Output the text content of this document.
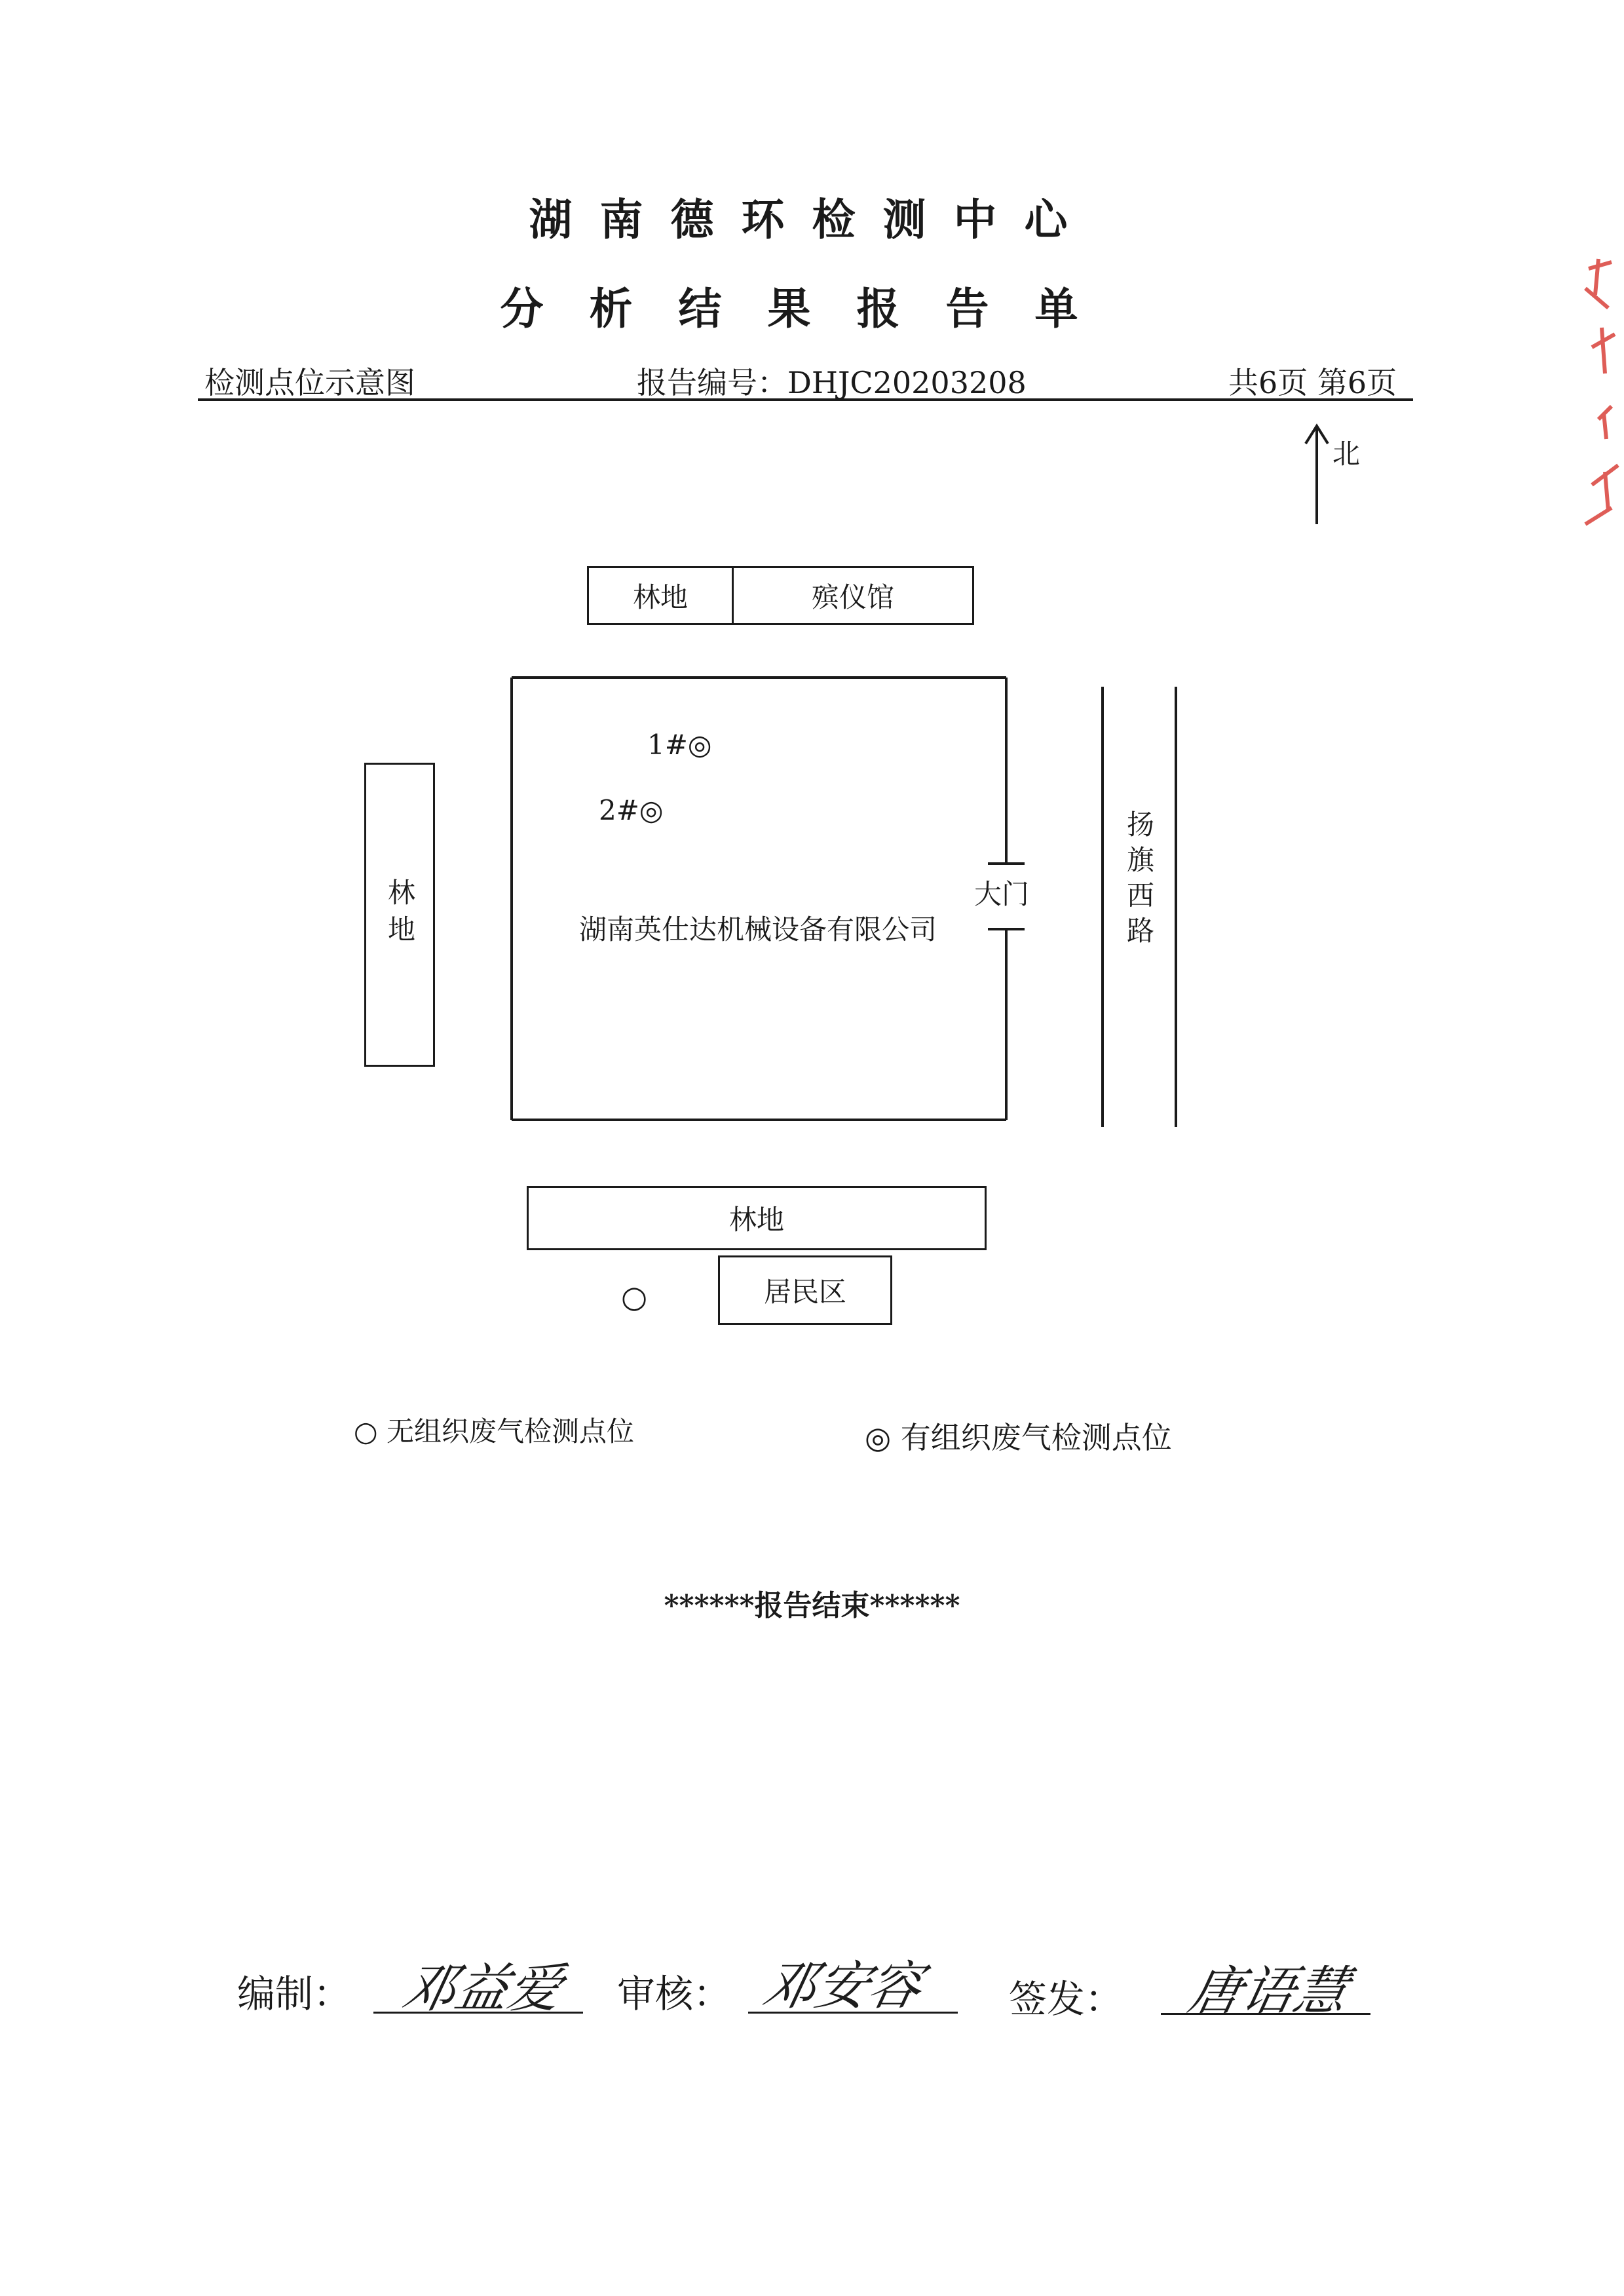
湖南德环检测中心
分析结果报告单
检测点位示意图	报告编号：DHJC20203208	共6页 第6页
林地	殡仪馆
林地
林地
居民区
北
1#◎
2#◎
湖南英仕达机械设备有限公司
大门	扬旗西路
○
○ 无组织废气检测点位	◎ 有组织废气检测点位
******报告结束******
编制： 邓益爱 审核： 邓安容 签发： 唐语慧
